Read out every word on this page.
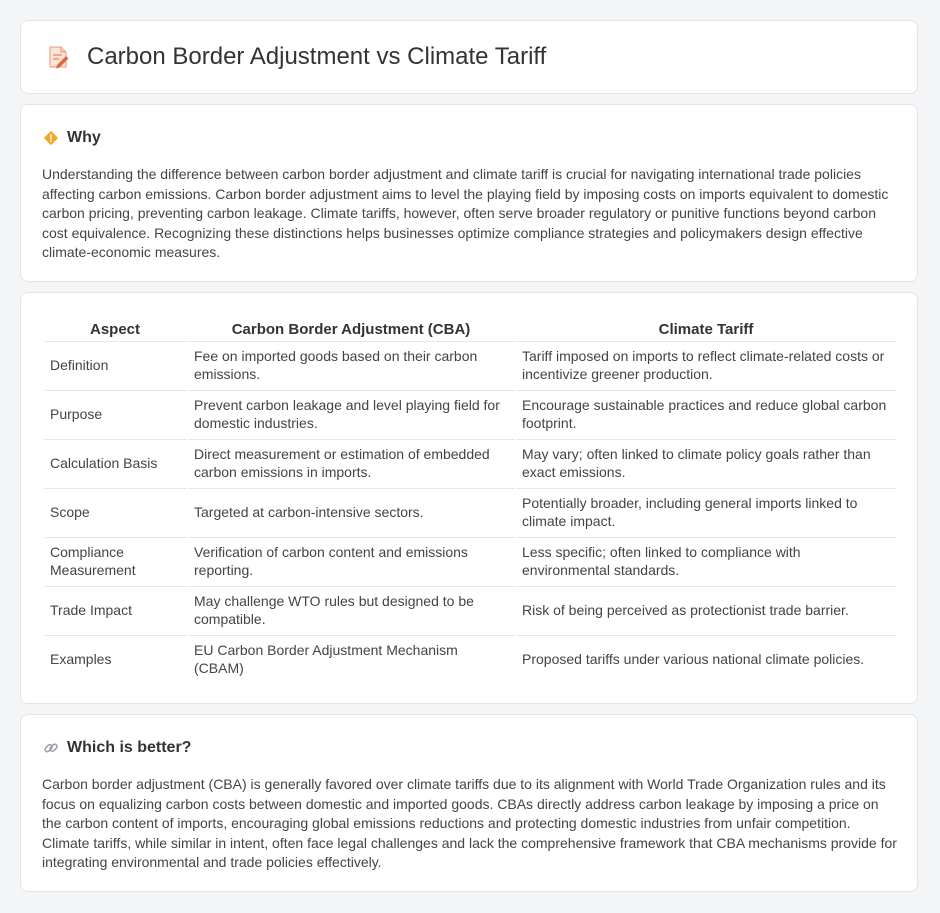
Carbon Border Adjustment vs Climate Tariff
Why
Understanding the difference between carbon border adjustment and climate tariff is crucial for navigating international trade policies affecting carbon emissions. Carbon border adjustment aims to level the playing field by imposing costs on imports equivalent to domestic carbon pricing, preventing carbon leakage. Climate tariffs, however, often serve broader regulatory or punitive functions beyond carbon cost equivalence. Recognizing these distinctions helps businesses optimize compliance strategies and policymakers design effective climate-economic measures.
Aspect	Carbon Border Adjustment (CBA)	Climate Tariff
Definition	Fee on imported goods based on their carbon emissions.	Tariff imposed on imports to reflect climate-related costs or incentivize greener production.
Purpose	Prevent carbon leakage and level playing field for domestic industries.	Encourage sustainable practices and reduce global carbon footprint.
Calculation Basis	Direct measurement or estimation of embedded carbon emissions in imports.	May vary; often linked to climate policy goals rather than exact emissions.
Scope	Targeted at carbon-intensive sectors.	Potentially broader, including general imports linked to climate impact.
Compliance Measurement	Verification of carbon content and emissions reporting.	Less specific; often linked to compliance with environmental standards.
Trade Impact	May challenge WTO rules but designed to be compatible.	Risk of being perceived as protectionist trade barrier.
Examples	EU Carbon Border Adjustment Mechanism (CBAM)	Proposed tariffs under various national climate policies.
Which is better?
Carbon border adjustment (CBA) is generally favored over climate tariffs due to its alignment with World Trade Organization rules and its focus on equalizing carbon costs between domestic and imported goods. CBAs directly address carbon leakage by imposing a price on the carbon content of imports, encouraging global emissions reductions and protecting domestic industries from unfair competition. Climate tariffs, while similar in intent, often face legal challenges and lack the comprehensive framework that CBA mechanisms provide for integrating environmental and trade policies effectively.
